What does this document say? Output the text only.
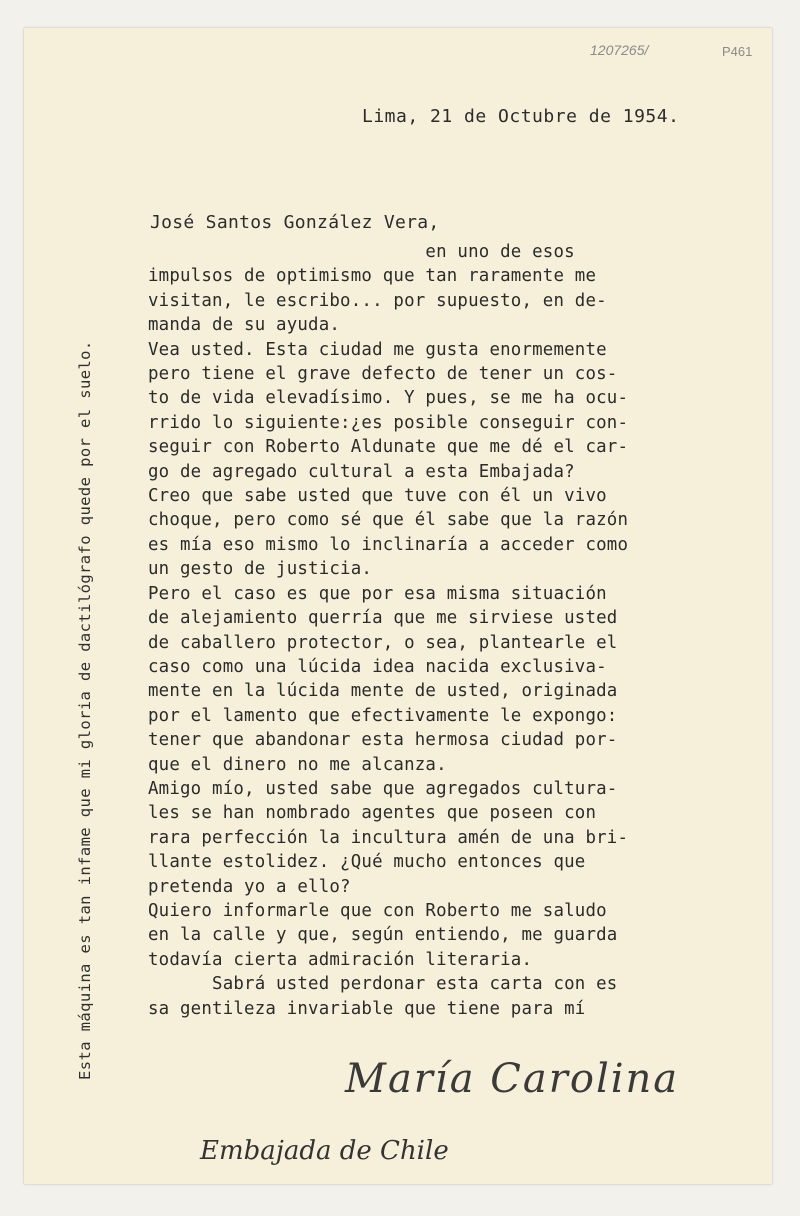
1207265/	P461
Esta máquina es tan infame que mi gloria de dactilógrafo quede por el suelo.
Lima, 21 de Octubre de 1954.
José Santos González Vera,
en uno de esos
impulsos de optimismo que tan raramente me
visitan, le escribo... por supuesto, en de-
manda de su ayuda.
Vea usted. Esta ciudad me gusta enormemente
pero tiene el grave defecto de tener un cos-
to de vida elevadísimo. Y pues, se me ha ocu-
rrido lo siguiente:¿es posible conseguir con-
seguir con Roberto Aldunate que me dé el car-
go de agregado cultural a esta Embajada?
Creo que sabe usted que tuve con él un vivo
choque, pero como sé que él sabe que la razón
es mía eso mismo lo inclinaría a acceder como
un gesto de justicia.
Pero el caso es que por esa misma situación
de alejamiento querría que me sirviese usted
de caballero protector, o sea, plantearle el
caso como una lúcida idea nacida exclusiva-
mente en la lúcida mente de usted, originada
por el lamento que efectivamente le expongo:
tener que abandonar esta hermosa ciudad por-
que el dinero no me alcanza.
Amigo mío, usted sabe que agregados cultura-
les se han nombrado agentes que poseen con
rara perfección la incultura amén de una bri-
llante estolidez. ¿Qué mucho entonces que
pretenda yo a ello?
Quiero informarle que con Roberto me saludo
en la calle y que, según entiendo, me guarda
todavía cierta admiración literaria.
Sabrá usted perdonar esta carta con es
sa gentileza invariable que tiene para mí
María Carolina
Embajada de Chile
